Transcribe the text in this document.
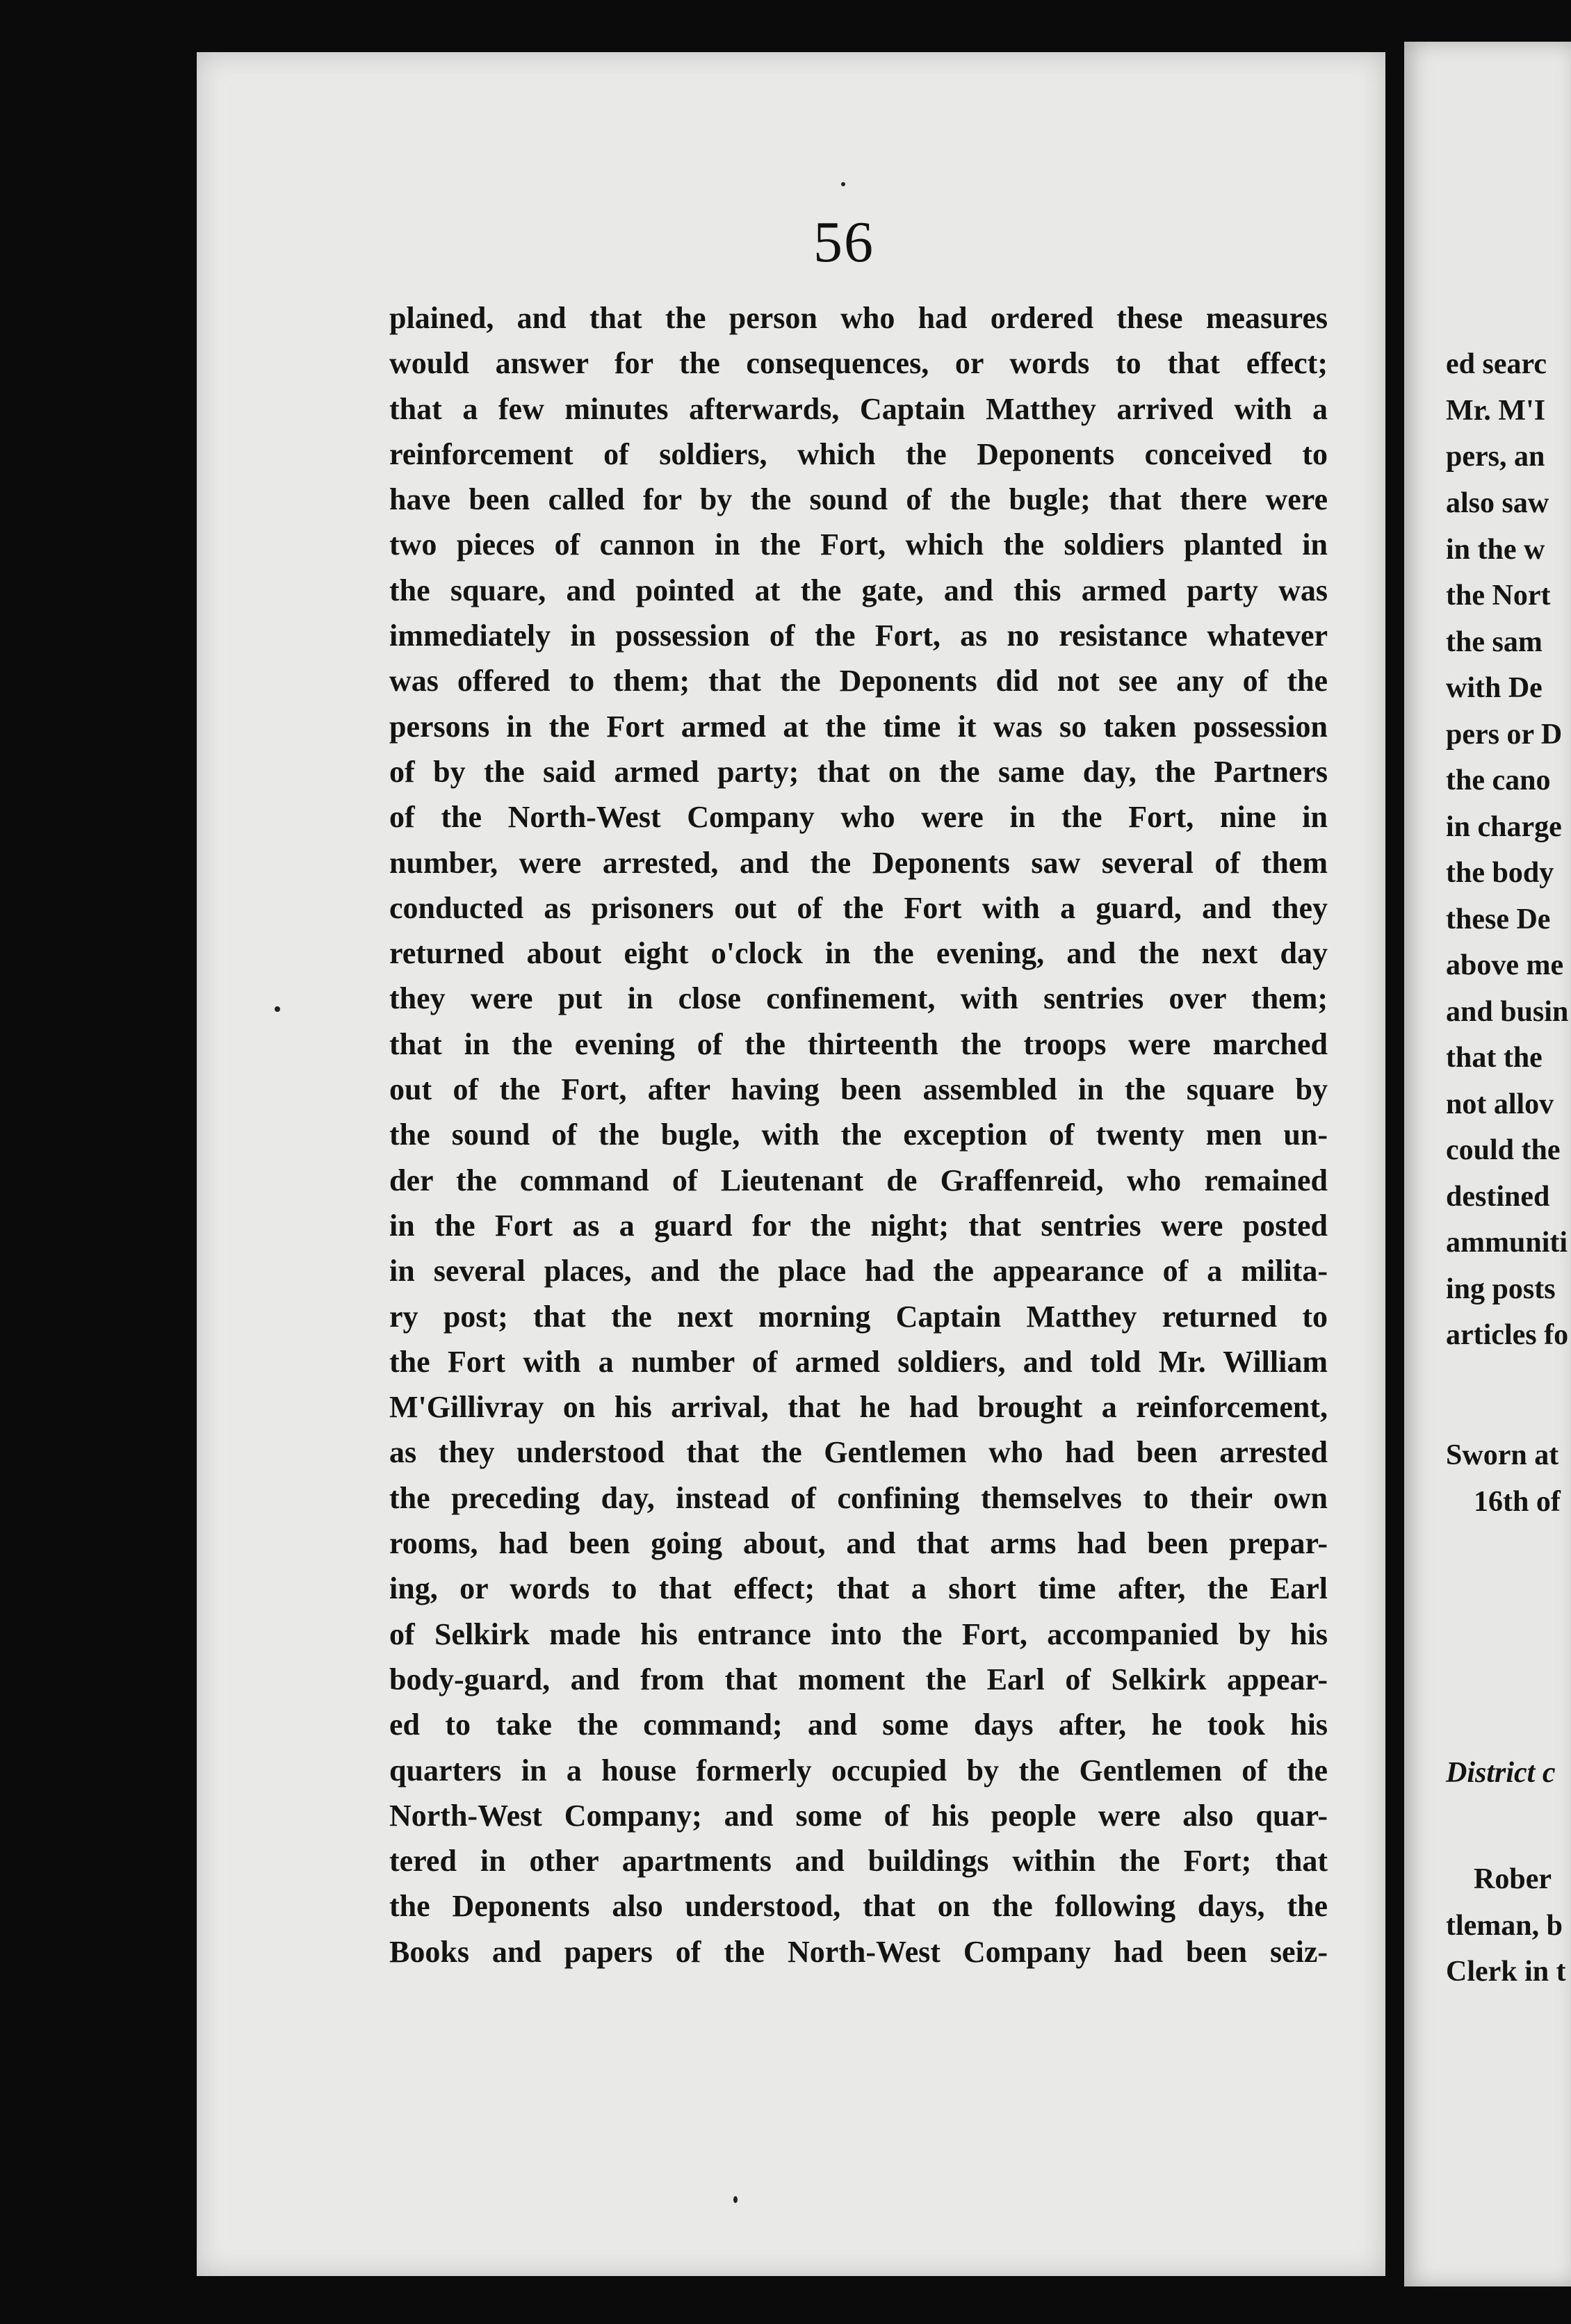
ed searc
Mr. M'I
pers, an
also saw
in the w
the Nort
the sam
with De
pers or D
the cano
in charge
the body
these De
above me
and busin
that the
not allov
could the
destined
ammuniti
ing posts
articles fo
Sworn at
16th of
District c
Rober
tleman, b
Clerk in t
56
plained, and that the person who had ordered these measures
would answer for the consequences, or words to that effect;
that a few minutes afterwards, Captain Matthey arrived with a
reinforcement of soldiers, which the Deponents conceived to
have been called for by the sound of the bugle; that there were
two pieces of cannon in the Fort, which the soldiers planted in
the square, and pointed at the gate, and this armed party was
immediately in possession of the Fort, as no resistance whatever
was offered to them; that the Deponents did not see any of the
persons in the Fort armed at the time it was so taken possession
of by the said armed party; that on the same day, the Partners
of the North-West Company who were in the Fort, nine in
number, were arrested, and the Deponents saw several of them
conducted as prisoners out of the Fort with a guard, and they
returned about eight o'clock in the evening, and the next day
they were put in close confinement, with sentries over them;
that in the evening of the thirteenth the troops were marched
out of the Fort, after having been assembled in the square by
the sound of the bugle, with the exception of twenty men un-
der the command of Lieutenant de Graffenreid, who remained
in the Fort as a guard for the night; that sentries were posted
in several places, and the place had the appearance of a milita-
ry post; that the next morning Captain Matthey returned to
the Fort with a number of armed soldiers, and told Mr. William
M'Gillivray on his arrival, that he had brought a reinforcement,
as they understood that the Gentlemen who had been arrested
the preceding day, instead of confining themselves to their own
rooms, had been going about, and that arms had been prepar-
ing, or words to that effect; that a short time after, the Earl
of Selkirk made his entrance into the Fort, accompanied by his
body-guard, and from that moment the Earl of Selkirk appear-
ed to take the command; and some days after, he took his
quarters in a house formerly occupied by the Gentlemen of the
North-West Company; and some of his people were also quar-
tered in other apartments and buildings within the Fort; that
the Deponents also understood, that on the following days, the
Books and papers of the North-West Company had been seiz-
